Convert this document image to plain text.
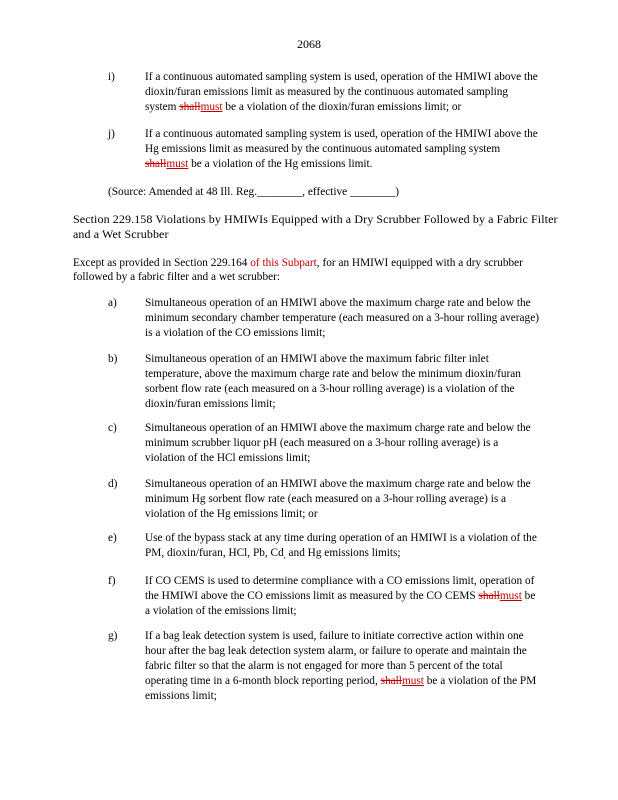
2068
i)	If a continuous automated sampling system is used, operation of the HMIWI above the dioxin/furan emissions limit as measured by the continuous automated sampling system shallmust be a violation of the dioxin/furan emissions limit; or
j)	If a continuous automated sampling system is used, operation of the HMIWI above the Hg emissions limit as measured by the continuous automated sampling system shallmust be a violation of the Hg emissions limit.
(Source: Amended at 48 Ill. Reg.________, effective ________)
Section 229.158 Violations by HMIWIs Equipped with a Dry Scrubber Followed by a Fabric Filter and a Wet Scrubber
Except as provided in Section 229.164 of this Subpart, for an HMIWI equipped with a dry scrubber followed by a fabric filter and a wet scrubber:
a) Simultaneous operation of an HMIWI above the maximum charge rate and below the minimum secondary chamber temperature (each measured on a 3-hour rolling average) is a violation of the CO emissions limit;
b) Simultaneous operation of an HMIWI above the maximum fabric filter inlet temperature, above the maximum charge rate and below the minimum dioxin/furan sorbent flow rate (each measured on a 3-hour rolling average) is a violation of the dioxin/furan emissions limit;
c) Simultaneous operation of an HMIWI above the maximum charge rate and below the minimum scrubber liquor pH (each measured on a 3-hour rolling average) is a violation of the HCl emissions limit;
d) Simultaneous operation of an HMIWI above the maximum charge rate and below the minimum Hg sorbent flow rate (each measured on a 3-hour rolling average) is a violation of the Hg emissions limit; or
e) Use of the bypass stack at any time during operation of an HMIWI is a violation of the PM, dioxin/furan, HCl, Pb, $Cd_,$ and Hg emissions limits;
f)	If CO CEMS is used to determine compliance with a CO emissions limit, operation of the HMIWI above the CO emissions limit as measured by the CO CEMS shallmust be a violation of the emissions limit;
g) If a bag leak detection system is used, failure to initiate corrective action within one hour after the bag leak detection system alarm, or failure to operate and maintain the fabric filter so that the alarm is not engaged for more than 5 percent of the total operating time in a 6-month block reporting period, shallmust be a violation of the PM emissions limit;
